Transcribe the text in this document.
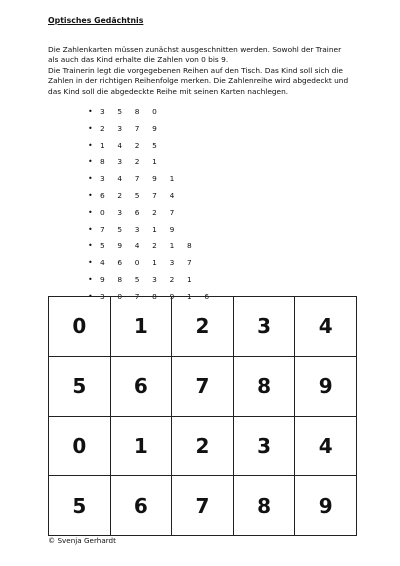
Optisches Gedächtnis

Die Zahlenkarten müssen zunächst ausgeschnitten werden. Sowohl der Trainer

als auch das Kind erhalte die Zahlen von 0 bis 9.

Die Trainerin legt die vorgegebenen Reihen auf den Tisch. Das Kind soll sich die

Zahlen in der richtigen Reihenfolge merken. Die Zahlenreihe wird abgedeckt und

das Kind soll die abgedeckte Reihe mit seinen Karten nachlegen.

• 3	5	8	0
• 2	3	7	9
• 1	4	2	5
• 8	3	2	1
• 3	4	7	9	1
• 6	2	5	7	4
• 0	3	6	2	7
• 7	5	3	1	9
• 5	9	4	2	1	8
• 4	6	0	1	3	7
• 9	8	5	3	2	1
• 3	0	7	8	9	1	6
0	1	2	3	4
5	6	7	8	9
0	1	2	3	4
5	6	7	8	9
© Svenja Gerhardt
